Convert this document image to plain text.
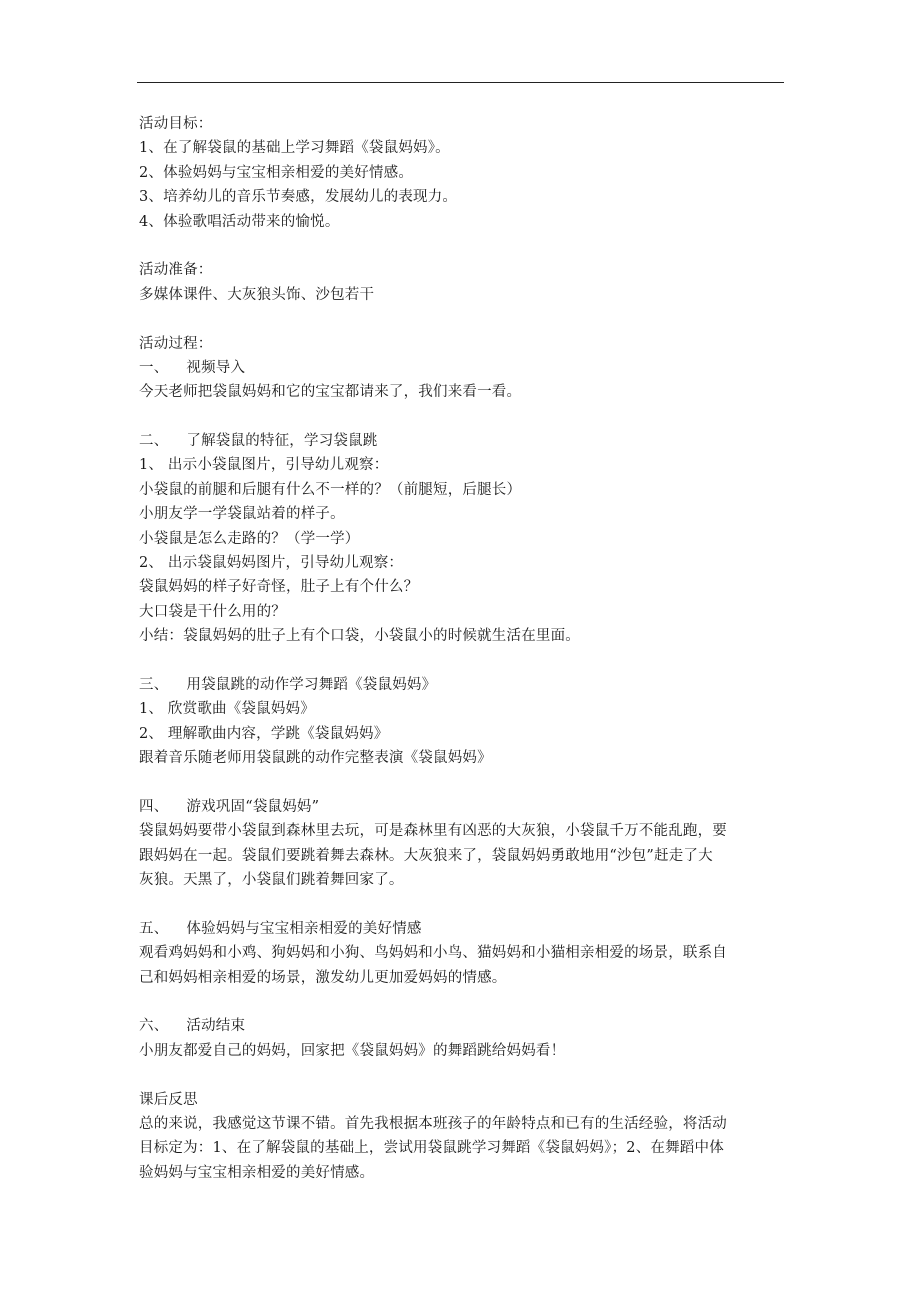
活动目标：
1、在了解袋鼠的基础上学习舞蹈《袋鼠妈妈》。
2、体验妈妈与宝宝相亲相爱的美好情感。
3、培养幼儿的音乐节奏感，发展幼儿的表现力。
4、体验歌唱活动带来的愉悦。
活动准备：
多媒体课件、大灰狼头饰、沙包若干
活动过程：
一、 视频导入
今天老师把袋鼠妈妈和它的宝宝都请来了，我们来看一看。
二、 了解袋鼠的特征，学习袋鼠跳
1、 出示小袋鼠图片，引导幼儿观察：
小袋鼠的前腿和后腿有什么不一样的？（前腿短，后腿长）
小朋友学一学袋鼠站着的样子。
小袋鼠是怎么走路的？（学一学）
2、 出示袋鼠妈妈图片，引导幼儿观察：
袋鼠妈妈的样子好奇怪，肚子上有个什么？
大口袋是干什么用的？
小结：袋鼠妈妈的肚子上有个口袋，小袋鼠小的时候就生活在里面。
三、 用袋鼠跳的动作学习舞蹈《袋鼠妈妈》
1、 欣赏歌曲《袋鼠妈妈》
2、 理解歌曲内容，学跳《袋鼠妈妈》
跟着音乐随老师用袋鼠跳的动作完整表演《袋鼠妈妈》
四、 游戏巩固“袋鼠妈妈”
袋鼠妈妈要带小袋鼠到森林里去玩，可是森林里有凶恶的大灰狼，小袋鼠千万不能乱跑，要
跟妈妈在一起。袋鼠们要跳着舞去森林。大灰狼来了，袋鼠妈妈勇敢地用“沙包”赶走了大
灰狼。天黑了，小袋鼠们跳着舞回家了。
五、 体验妈妈与宝宝相亲相爱的美好情感
观看鸡妈妈和小鸡、狗妈妈和小狗、鸟妈妈和小鸟、猫妈妈和小猫相亲相爱的场景，联系自
己和妈妈相亲相爱的场景，激发幼儿更加爱妈妈的情感。
六、 活动结束
小朋友都爱自己的妈妈，回家把《袋鼠妈妈》的舞蹈跳给妈妈看！
课后反思
总的来说，我感觉这节课不错。首先我根据本班孩子的年龄特点和已有的生活经验，将活动
目标定为：1、在了解袋鼠的基础上，尝试用袋鼠跳学习舞蹈《袋鼠妈妈》；2、在舞蹈中体
验妈妈与宝宝相亲相爱的美好情感。
